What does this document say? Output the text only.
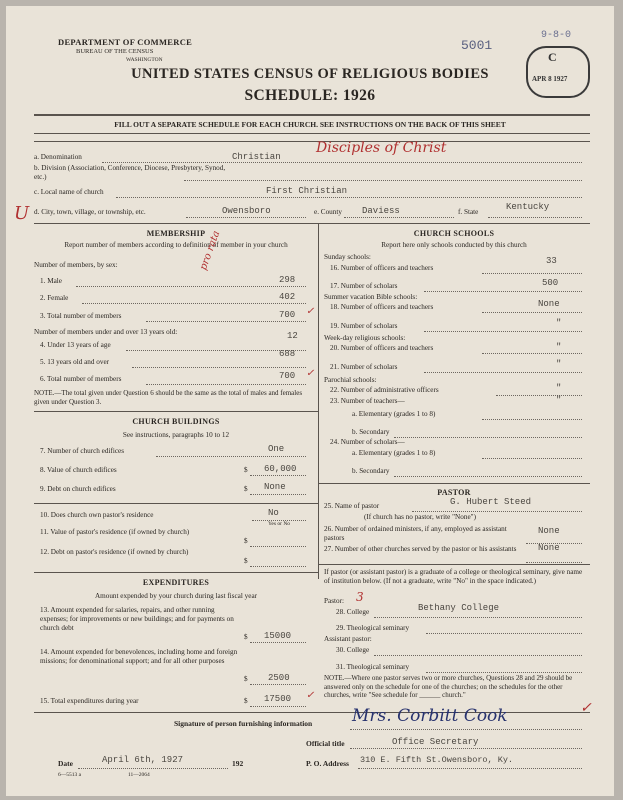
DEPARTMENT OF COMMERCE
BUREAU OF THE CENSUS
WASHINGTON
5001
9-8-0
C
APR 8 1927
UNITED STATES CENSUS OF RELIGIOUS BODIES
SCHEDULE: 1926
FILL OUT A SEPARATE SCHEDULE FOR EACH CHURCH. SEE INSTRUCTIONS ON THE BACK OF THIS SHEET
a. Denomination	Christian
Disciples of Christ
b. Division (Association, Conference, Diocese, Presbytery, Synod, etc.)
c. Local name of church	First Christian
U d. City, town, village, or township, etc.	Owensboro	e. County Daviess	f. State	Kentucky
MEMBERSHIP
Report number of members according to definition of member in your church
Number of members, by sex:
1. Male	298
2. Female	402
3. Total number of members	700
Number of members under and over 13 years old:
4. Under 13 years of age
12
5. 13 years old and over
688
6. Total number of members	700
pro rata
✓
✓
NOTE.—The total given under Question 6 should be the same as the total of males and females given under Question 3.
CHURCH BUILDINGS
See instructions, paragraphs 10 to 12
7. Number of church edifices	One
8. Value of church edifices	$ 60,000
9. Debt on church edifices	$ None
10. Does church own pastor's residence	No
Yes or No
11. Value of pastor's residence (if owned by church)
$
12. Debt on pastor's residence (if owned by church)
$
EXPENDITURES
Amount expended by your church during last fiscal year
13. Amount expended for salaries, repairs, and other running expenses; for improvements or new buildings; and for payments on church debt
$ 15000
14. Amount expended for benevolences, including home and foreign missions; for denominational support; and for all other purposes
$ 2500
15. Total expenditures during year	$ 17500 ✓
CHURCH SCHOOLS
Report here only schools conducted by this church
Sunday schools:
16. Number of officers and teachers
33
17. Number of scholars	500
Summer vacation Bible schools:
18. Number of officers and teachers	None
19. Number of scholars	"
Week-day religious schools:
20. Number of officers and teachers	"
21. Number of scholars	"
Parochial schools:
22. Number of administrative officers	"
23. Number of teachers—	"
a. Elementary (grades 1 to 8)
b. Secondary
24. Number of scholars—
a. Elementary (grades 1 to 8)
b. Secondary
PASTOR
25. Name of pastor	G. Hubert Steed
(If church has no pastor, write "None")
26. Number of ordained ministers, if any, employed as assistant pastors
None
27. Number of other churches served by the pastor or his assistants	None
If pastor (or assistant pastor) is a graduate of a college or theological seminary, give name of institution below. (If not a graduate, write "No" in the space indicated.)
Pastor: 3
28. College	Bethany College
29. Theological seminary
Assistant pastor:
30. College
31. Theological seminary
NOTE.—Where one pastor serves two or more churches, Questions 28 and 29 should be answered only on the schedule for one of the churches; on the schedules for the other churches, write "See schedule for ______ church."
Signature of person furnishing information Mrs. Corbitt Cook	✓
Official title	Office Secretary
Date	April 6th, 1927	192	P. O. Address 310 E. Fifth St.Owensboro, Ky.
6—5513 a	11—2064
